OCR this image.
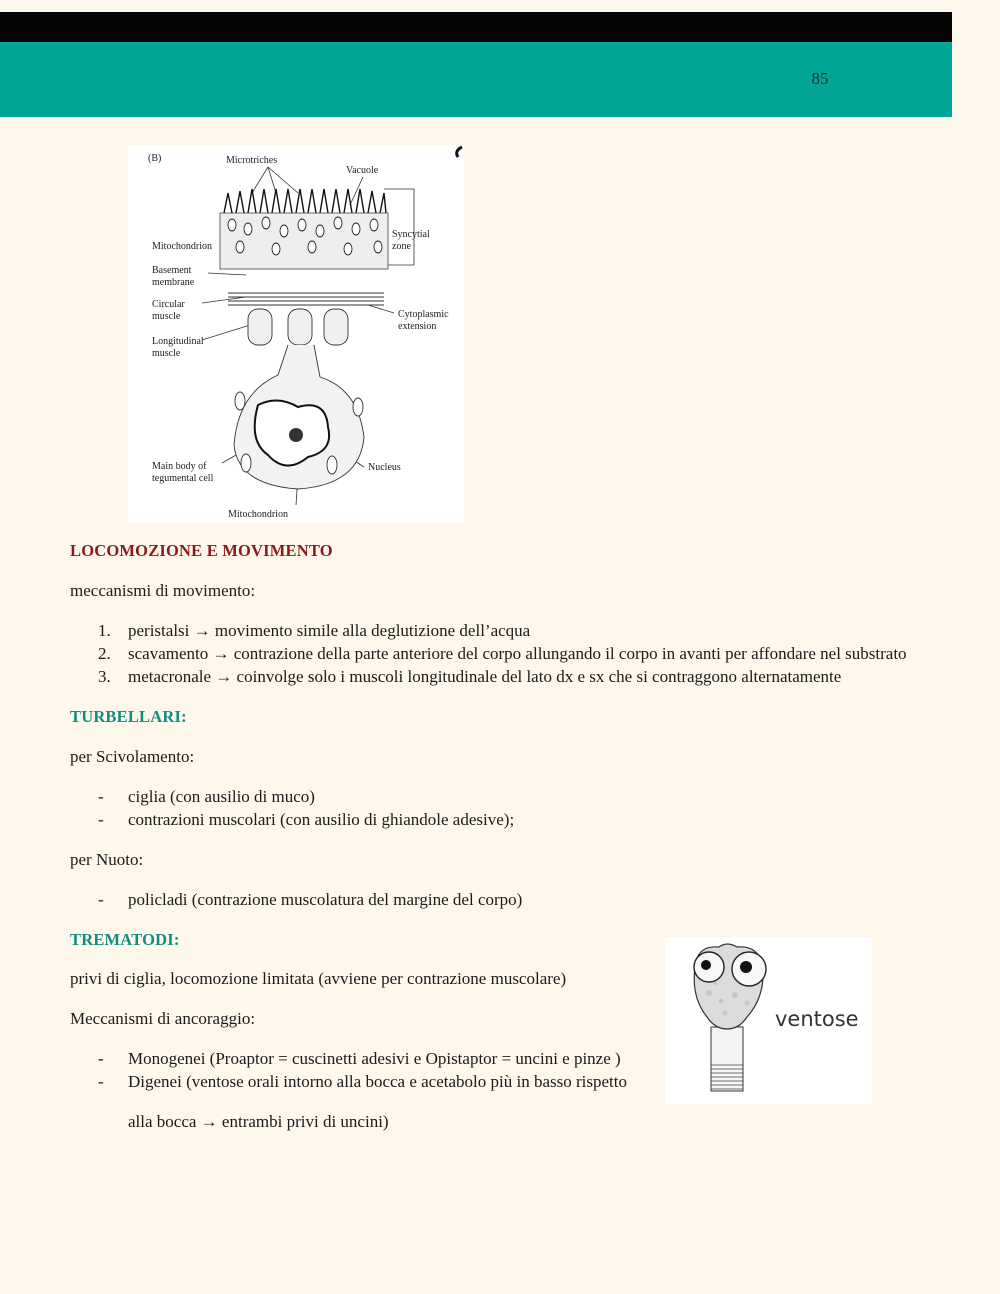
85
(B)	Microtriches
Vacuole
Syncytial
zone
Mitochondrion
Basement
membrane
Circular
muscle	Cytoplasmic
extension
Longitudinal
muscle
Main body of
tegumental cell
Nucleus
Mitochondrion
LOCOMOZIONE E MOVIMENTO
meccanismi di movimento:
1.	peristalsi → movimento simile alla deglutizione dell’acqua
2.	scavamento → contrazione della parte anteriore del corpo allungando il corpo in avanti per affondare nel substrato
3.	metacronale → coinvolge solo i muscoli longitudinale del lato dx e sx che si contraggono alternatamente
TURBELLARI:
per Scivolamento:
-	ciglia (con ausilio di muco)
-	contrazioni muscolari (con ausilio di ghiandole adesive);
per Nuoto:
-	policladi (contrazione muscolatura del margine del corpo)
TREMATODI:
privi di ciglia, locomozione limitata (avviene per contrazione muscolare)
Meccanismi di ancoraggio:
-	Monogenei (Proaptor = cuscinetti adesivi e Opistaptor = uncini e pinze )
-	Digenei (ventose orali intorno alla bocca e acetabolo più in basso rispetto
alla bocca → entrambi privi di uncini)
ventose
